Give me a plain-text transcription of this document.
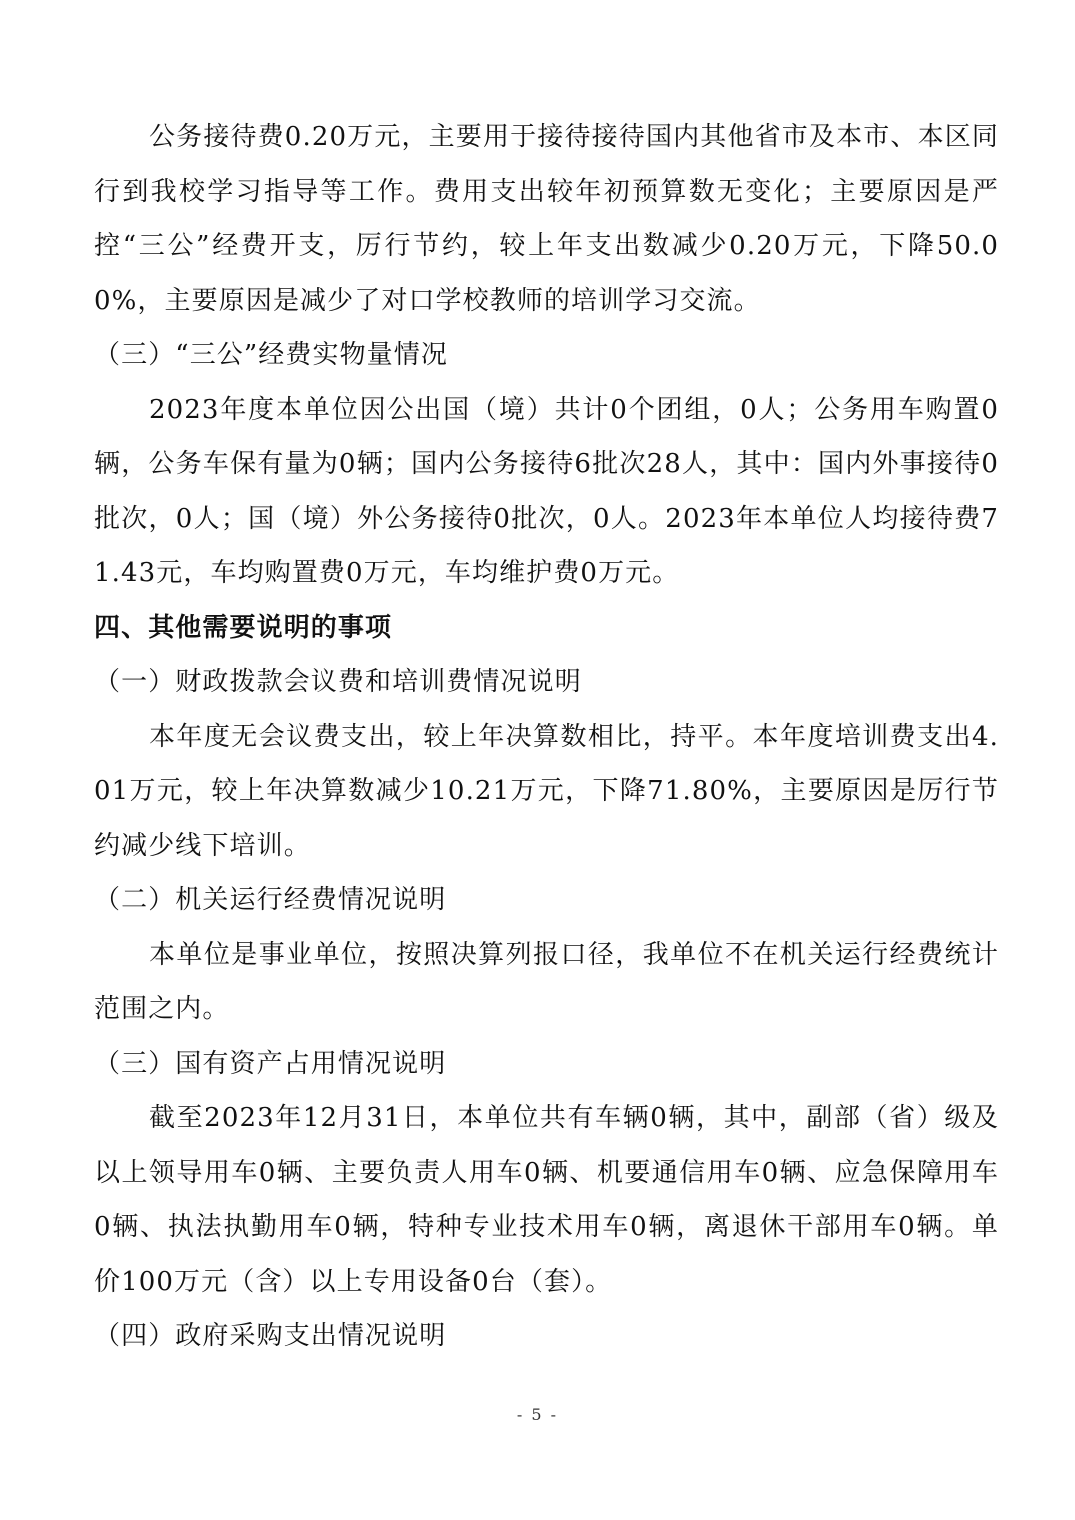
公务接待费0.20万元，主要用于接待接待国内其他省市及本市、本区同行到我校学习指导等工作。费用支出较年初预算数无变化；主要原因是严控“三公”经费开支，厉行节约，较上年支出数减少0.20万元，下降50.00%，主要原因是减少了对口学校教师的培训学习交流。

（三）“三公”经费实物量情况

2023年度本单位因公出国（境）共计0个团组，0人；公务用车购置0辆，公务车保有量为0辆；国内公务接待6批次28人，其中：国内外事接待0批次，0人；国（境）外公务接待0批次，0人。2023年本单位人均接待费71.43元，车均购置费0万元，车均维护费0万元。

四、其他需要说明的事项

（一）财政拨款会议费和培训费情况说明

本年度无会议费支出，较上年决算数相比，持平。本年度培训费支出4.01万元，较上年决算数减少10.21万元，下降71.80%，主要原因是厉行节约减少线下培训。

（二）机关运行经费情况说明

本单位是事业单位，按照决算列报口径，我单位不在机关运行经费统计范围之内。

（三）国有资产占用情况说明

截至2023年12月31日，本单位共有车辆0辆，其中，副部（省）级及以上领导用车0辆、主要负责人用车0辆、机要通信用车0辆、应急保障用车0辆、执法执勤用车0辆，特种专业技术用车0辆，离退休干部用车0辆。单价100万元（含）以上专用设备0台（套）。

（四）政府采购支出情况说明

- 5 -
